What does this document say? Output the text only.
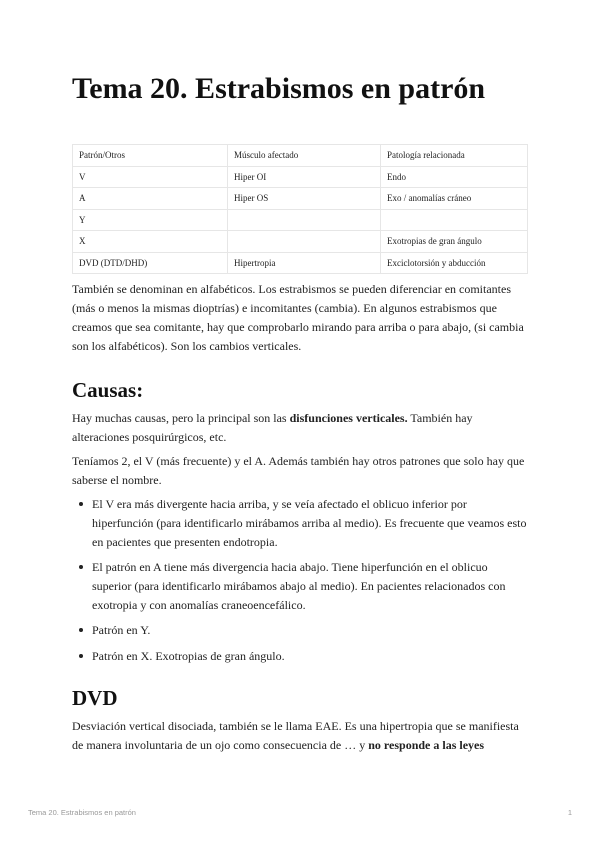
Tema 20. Estrabismos en patrón
Patrón/Otros	Músculo afectado	Patología relacionada
V	Hiper OI	Endo
A	Hiper OS	Exo / anomalías cráneo
Y		
X		Exotropias de gran ángulo
DVD (DTD/DHD)	Hipertropia	Exciclotorsión y abducción

También se denominan en alfabéticos. Los estrabismos se pueden diferenciar en comitantes (más o menos la mismas dioptrías) e incomitantes (cambia). En algunos estrabismos que creamos que sea comitante, hay que comprobarlo mirando para arriba o para abajo, (si cambia son los alfabéticos). Son los cambios verticales.

Causas:

Hay muchas causas, pero la principal son las disfunciones verticales. También hay alteraciones posquirúrgicos, etc.

Teníamos 2, el V (más frecuente) y el A. Además también hay otros patrones que solo hay que saberse el nombre.

El V era más divergente hacia arriba, y se veía afectado el oblicuo inferior por hiperfunción (para identificarlo mirábamos arriba al medio). Es frecuente que veamos esto en pacientes que presenten endotropia.
El patrón en A tiene más divergencia hacia abajo. Tiene hiperfunción en el oblicuo superior (para identificarlo mirábamos abajo al medio). En pacientes relacionados con exotropia y con anomalías craneoencefálico.
Patrón en Y.
Patrón en X. Exotropias de gran ángulo.
DVD

Desviación vertical disociada, también se le llama EAE. Es una hipertropia que se manifiesta de manera involuntaria de un ojo como consecuencia de … y no responde a las leyes

Tema 20. Estrabismos en patrón	1
